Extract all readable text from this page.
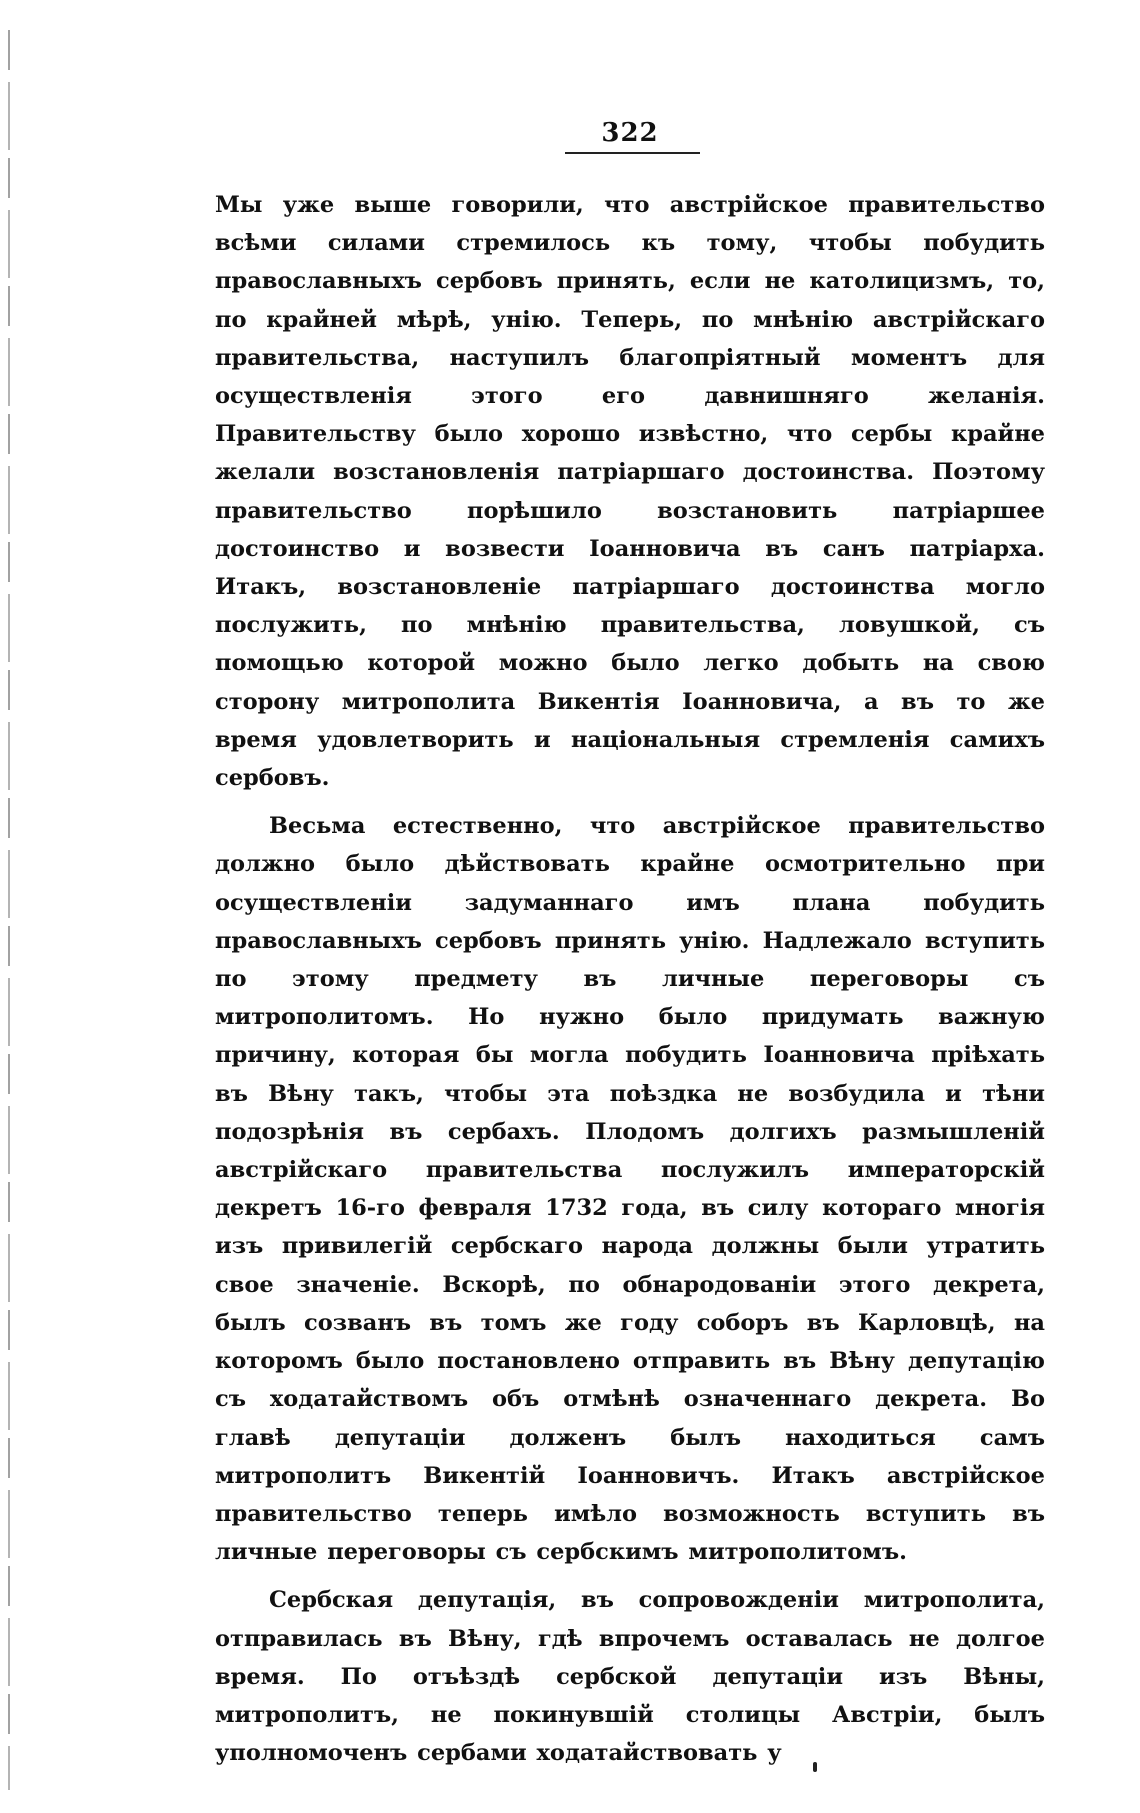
322

Мы уже выше говорили, что австрійское правительство всѣми силами стремилось къ тому, чтобы побудить православныхъ сербовъ принять, если не католицизмъ, то, по крайней мѣрѣ, унію. Теперь, по мнѣнію австрійскаго правительства, наступилъ благопріятный моментъ для осуществленія этого его давнишняго желанія. Правительству было хорошо извѣстно, что сербы крайне желали возстановленія патріаршаго достоинства. Поэтому правительство порѣшило возстановить патріаршее достоинство и возвести Іоанновича въ санъ патріарха. Итакъ, возстановленіе патріаршаго достоинства могло послужить, по мнѣнію правительства, ловушкой, съ помощью которой можно было легко добыть на свою сторону митрополита Викентія Іоанновича, а въ то же время удовлетворить и національныя стремленія самихъ сербовъ.

Весьма естественно, что австрійское правительство должно было дѣйствовать крайне осмотрительно при осуществленіи задуманнаго имъ плана побудить православныхъ сербовъ принять унію. Надлежало вступить по этому предмету въ личные переговоры съ митрополитомъ. Но нужно было придумать важную причину, которая бы могла побудить Іоанновича пріѣхать въ Вѣну такъ, чтобы эта поѣздка не возбудила и тѣни подозрѣнія въ сербахъ. Плодомъ долгихъ размышленій австрійскаго правительства послужилъ императорскій декретъ 16-го февраля 1732 года, въ силу котораго многія изъ привилегій сербскаго народа должны были утратить свое значеніе. Вскорѣ, по обнародованіи этого декрета, былъ созванъ въ томъ же году соборъ въ Карловцѣ, на которомъ было постановлено отправить въ Вѣну депутацію съ ходатайствомъ объ отмѣнѣ означеннаго декрета. Во главѣ депутаціи долженъ былъ находиться самъ митрополитъ Викентій Іоанновичъ. Итакъ австрійское правительство теперь имѣло возможность вступить въ личные переговоры съ сербскимъ митрополитомъ.

Сербская депутація, въ сопровожденіи митрополита, отправилась въ Вѣну, гдѣ впрочемъ оставалась не долгое время. По отъѣздѣ сербской депутаціи изъ Вѣны, митрополитъ, не покинувшій столицы Австріи, былъ уполномоченъ сербами ходатайствовать у
